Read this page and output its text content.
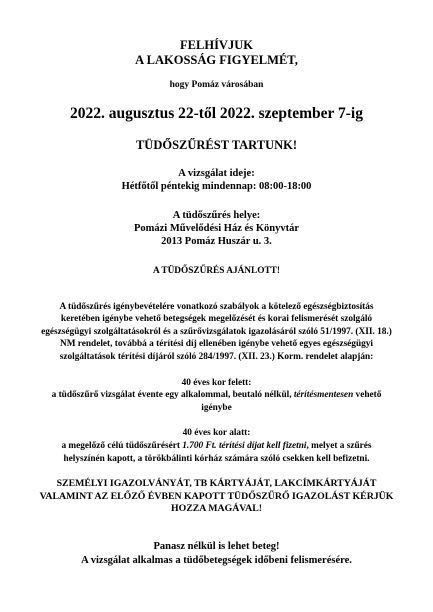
FELHÍVJUK

A LAKOSSÁG FIGYELMÉT,

hogy Pomáz városában

2022. augusztus 22-től 2022. szeptember 7-ig

TÜDŐSZŰRÉST TARTUNK!

A vizsgálat ideje:

Hétfőtől péntekig mindennap: 08:00-18:00

A tüdőszűrés helye:

Pomázi Művelődési Ház és Könyvtár

2013 Pomáz Huszár u. 3.

A TÜDŐSZŰRÉS AJÁNLOTT!

A tüdőszűrés igénybevételére vonatkozó szabályok a kötelező egészségbiztosítás

keretében igénybe vehető betegségek megelőzését és korai felismerését szolgáló

egészségügyi szolgáltatásokról és a szűrővizsgálatok igazolásáról szóló 51/1997. (XII. 18.)

NM rendelet, továbbá a térítési díj ellenében igénybe vehető egyes egészségügyi

szolgáltatások térítési díjáról szóló 284/1997. (XII. 23.) Korm. rendelet alapján:

40 éves kor felett:

a tüdőszűrő vizsgálat évente egy alkalommal, beutaló nélkül, térítésmentesen vehető

igénybe

40 éves kor alatt:

a megelőző célú tüdőszűrésért 1.700 Ft. térítési díjat kell fizetni, melyet a szűrés

helyszínén kapott, a törökbálinti kórház számára szóló csekken kell befizetni.

SZEMÉLYI IGAZOLVÁNYÁT, TB KÁRTYÁJÁT, LAKCÍMKÁRTYÁJÁT

VALAMINT AZ ELŐZŐ ÉVBEN KAPOTT TÜDŐSZŰRŐ IGAZOLÁST KÉRJÜK

HOZZA MAGÁVAL!

Panasz nélkül is lehet beteg!

A vizsgálat alkalmas a tüdőbetegségek időbeni felismerésére.
